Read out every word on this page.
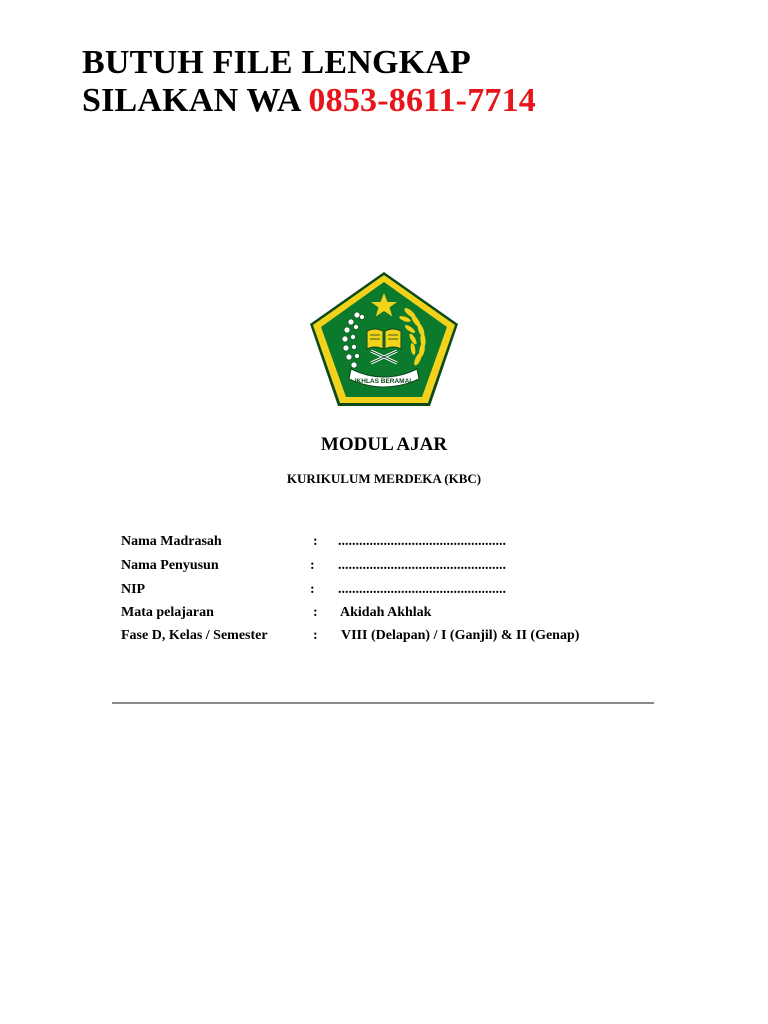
BUTUH FILE LENGKAP
SILAKAN WA 0853-8611-7714
IKHLAS BERAMAL
MODUL AJAR
KURIKULUM MERDEKA (KBC)
Nama Madrasah	: ................................................
Nama Penyusun	: ................................................
NIP	: ................................................
Mata pelajaran	: Akidah Akhlak
Fase D, Kelas / Semester	: VIII (Delapan) / I (Ganjil) & II (Genap)
